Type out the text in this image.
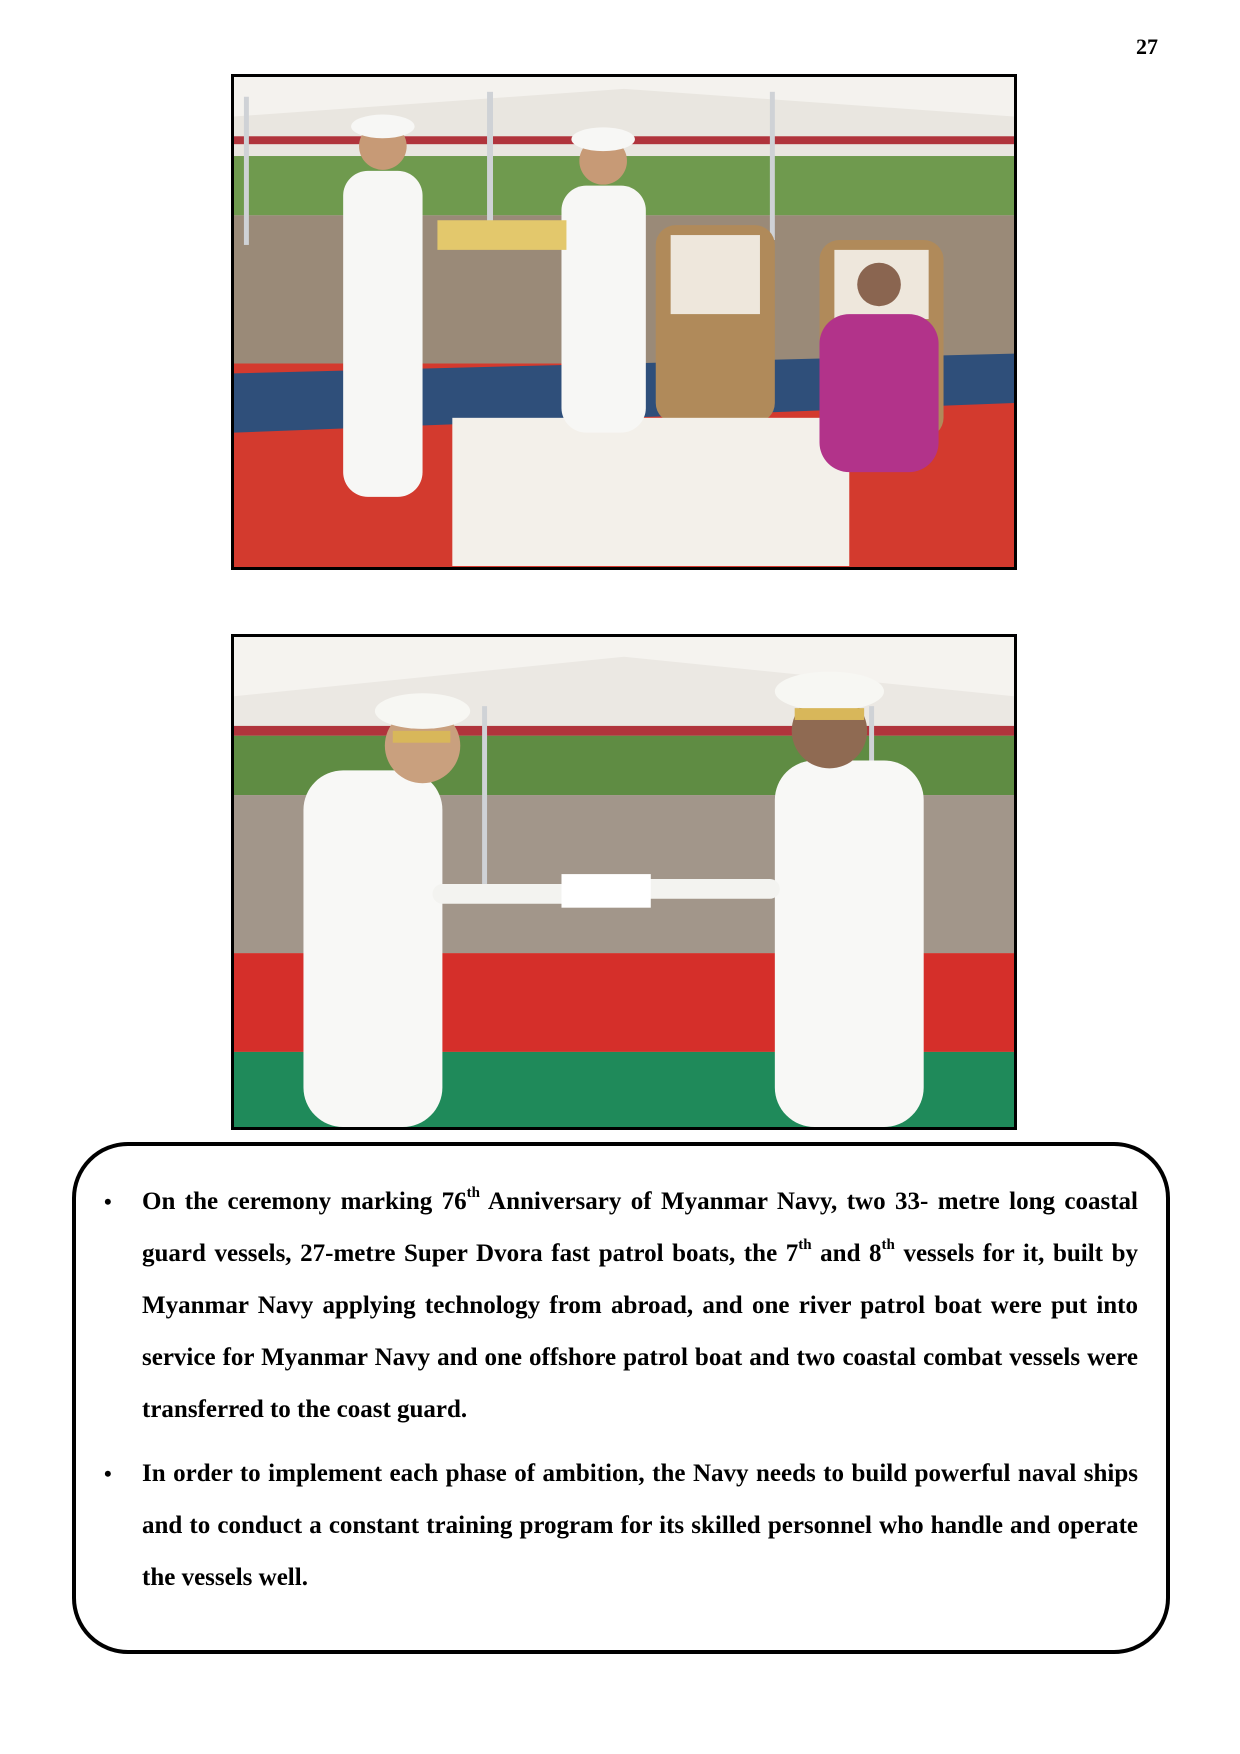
27
• On the ceremony marking 76th Anniversary of Myanmar Navy, two 33- metre long coastal guard vessels, 27-metre Super Dvora fast patrol boats, the 7th and 8th vessels for it, built by Myanmar Navy applying technology from abroad, and one river patrol boat were put into service for Myanmar Navy and one offshore patrol boat and two coastal combat vessels were transferred to the coast guard.
• In order to implement each phase of ambition, the Navy needs to build powerful naval ships and to conduct a constant training program for its skilled personnel who handle and operate the vessels well.
